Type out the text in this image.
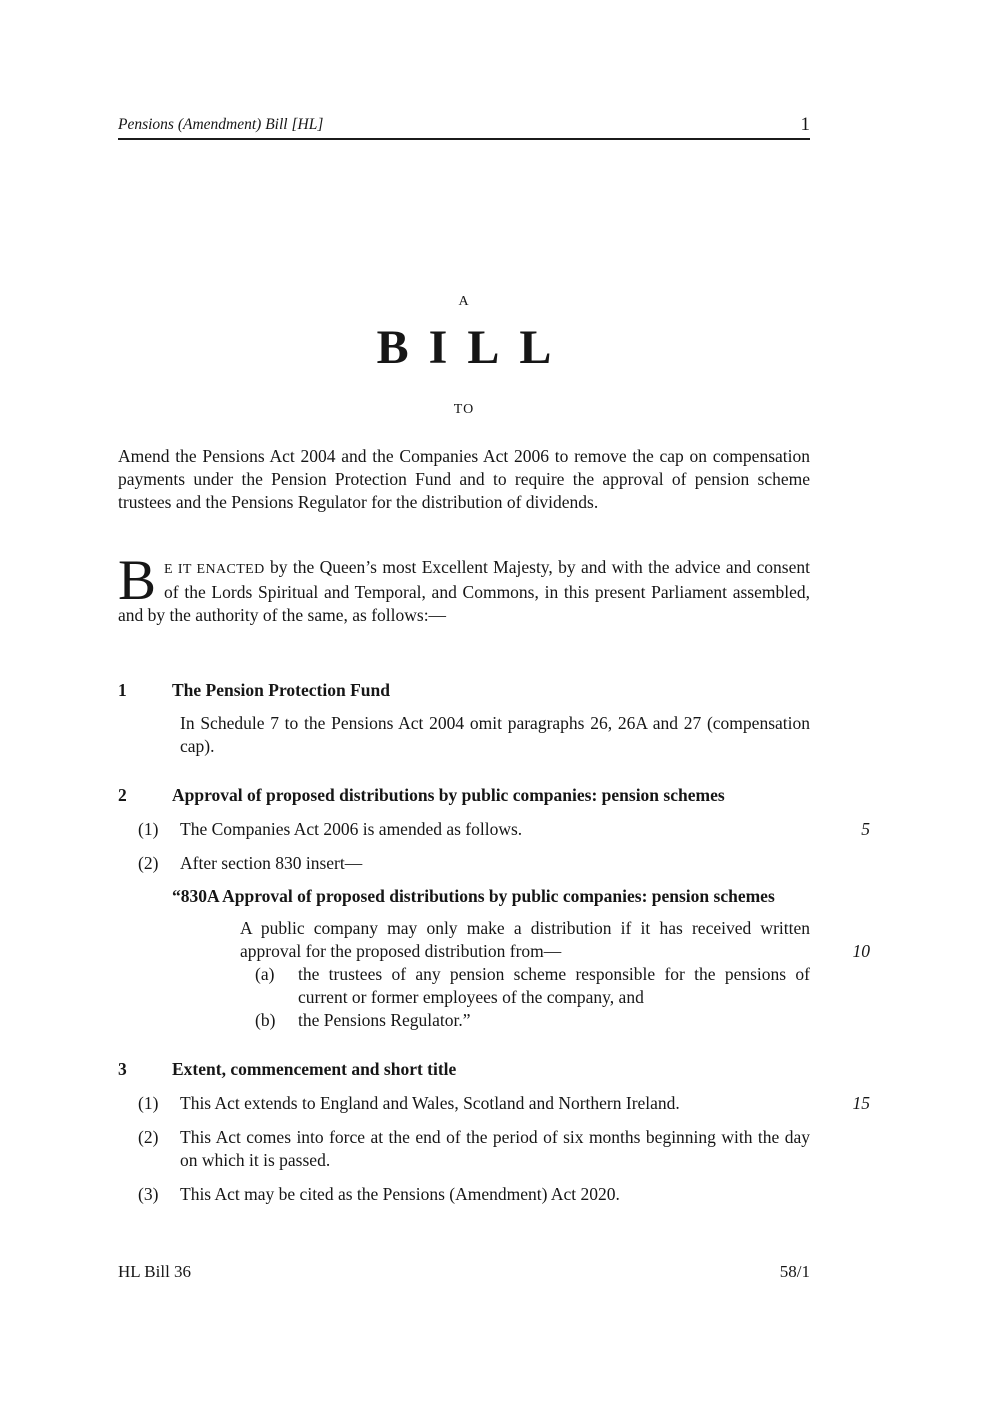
Pensions (Amendment) Bill [HL]	1
A
BILL
TO

Amend the Pensions Act 2004 and the Companies Act 2006 to remove the cap on compensation payments under the Pension Protection Fund and to require the approval of pension scheme trustees and the Pensions Regulator for the distribution of dividends.

B E IT ENACTED by the Queen’s most Excellent Majesty, by and with the advice and consent of the Lords Spiritual and Temporal, and Commons, in this present Parliament assembled, and by the authority of the same, as follows:—

1	The Pension Protection Fund

In Schedule 7 to the Pensions Act 2004 omit paragraphs 26, 26A and 27 (compensation cap).

2	Approval of proposed distributions by public companies: pension schemes
(1)	The Companies Act 2006 is amended as follows.	5
(2)	After section 830 insert—
“830A Approval of proposed distributions by public companies: pension schemes

A public company may only make a distribution if it has received written approval for the proposed distribution from—	10

(a)	the trustees of any pension scheme responsible for the pensions of current or former employees of the company, and
(b)	the Pensions Regulator.”
3	Extent, commencement and short title
(1)	This Act extends to England and Wales, Scotland and Northern Ireland.	15
(2)	This Act comes into force at the end of the period of six months beginning with the day on which it is passed.
(3)	This Act may be cited as the Pensions (Amendment) Act 2020.
HL Bill 36	58/1
